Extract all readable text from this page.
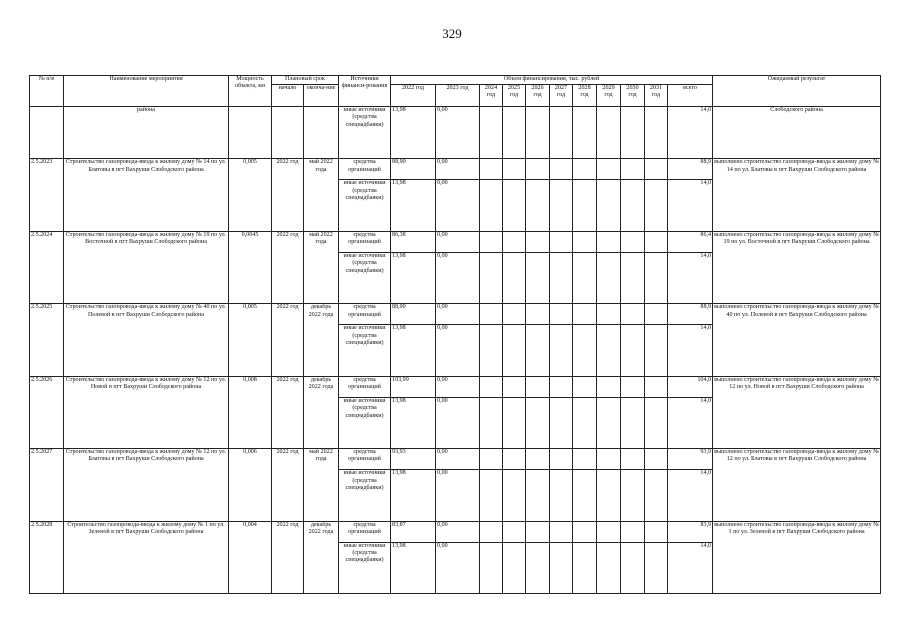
329
№ п/в	Наименование мероприятия	Мощность объекта, км	Плановый срок		Источники финанси-рования	Объем финансирования, тыс. рублей											Ожидаемый результат
			начало	оконча-ние		2022 год	2023 год	2024 год	2025 год	2026 год	2027 год	2028 год	2029 год	2030 год	2031 год	всего	
	района				иные источники (средства спецнадбавки)	13,98	0,00									14,0	Слободского района
2.5.2023	Строительство газопровода-ввода к жилому дому № 14 по ул. Блатовы в пгт Вахруши Слободского района	0,005	2022 год	май 2022 года	средства организаций	88,90	0,00									88,9	выполнено строительство газопровода-ввода к жилому дому № 14 по ул. Блатовы в пгт Вахруши Слободского района
					иные источники (средства спецнадбавки)	13,98	0,00									14,0	
2.5.2024	Строительство газопровода-ввода к жилому дому № 19 по ул. Восточной в пгт Вахруши Слободского района	0,0045	2022 год	май 2022 года	средства организаций	86,38	0,00									86,4	выполнено строительство газопровода-ввода к жилому дому № 19 по ул. Восточной в пгт Вахруши Слободского района
					иные источники (средства спецнадбавки)	13,98	0,00									14,0	
2.5.2025	Строительство газопровода-ввода к жилому дому № 40 по ул. Полевой в пгт Вахруши Слободского района	0,005	2022 год	декабрь 2022 года	средства организаций	88,90	0,00									88,9	выполнено строительство газопровода-ввода к жилому дому № 40 по ул. Полевой в пгт Вахруши Слободского района
					иные источники (средства спецнадбавки)	13,98	0,00									14,0	
2.5.2026	Строительство газопровода-ввода к жилому дому № 12 по ул. Новой в пгт Вахруши Слободского района	0,008	2022 год	декабрь 2022 года	средства организаций	103,99	0,00									104,0	выполнено строительство газопровода-ввода к жилому дому № 12 по ул. Новой в пгт Вахруши Слободского района
					иные источники (средства спецнадбавки)	13,98	0,00									14,0	
2.5.2027	Строительство газопровода-ввода к жилому дому № 12 по ул. Блатовы в пгт Вахруши Слободского района	0,006	2022 год	май 2022 года	средства организаций	93,93	0,00									93,9	выполнено строительство газопровода-ввода к жилому дому № 12 по ул. Блатовы в пгт Вахруши Слободского района
					иные источники (средства спецнадбавки)	13,98	0,00									14,0	
2.5.2028	Строительство газопровода-ввода к жилому дому № 1 по ул. Зеленой в пгт Вахруши Слободского района	0,004	2022 год	декабрь 2022 года	средства организаций	83,87	0,00									83,9	выполнено строительство газопровода-ввода к жилому дому № 1 по ул. Зеленой в пгт Вахруши Слободского района
					иные источники (средства спецнадбавки)	13,98	0,00									14,0	
